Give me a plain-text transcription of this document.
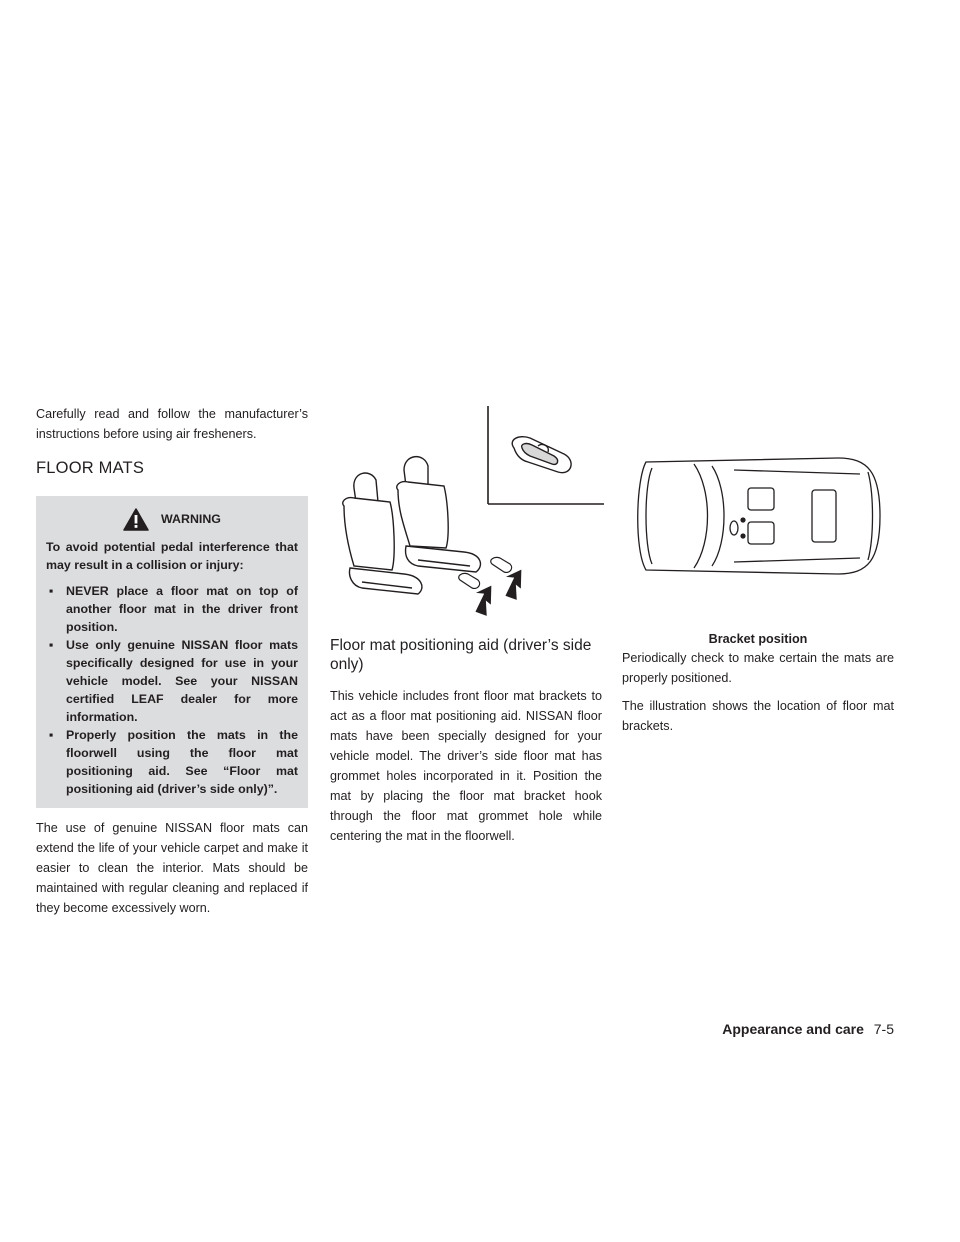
Carefully read and follow the manufacturer’s instructions before using air fresheners.

FLOOR MATS
WARNING

To avoid potential pedal interference that may result in a collision or injury:

▪ NEVER place a floor mat on top of another floor mat in the driver front position.
▪ Use only genuine NISSAN floor mats specifically designed for use in your vehicle model. See your NISSAN certified LEAF dealer for more information.
▪ Properly position the mats in the floorwell using the floor mat positioning aid. See “Floor mat positioning aid (driver’s side only)”.

The use of genuine NISSAN floor mats can extend the life of your vehicle carpet and make it easier to clean the interior. Mats should be maintained with regular cleaning and replaced if they become excessively worn.

Floor mat positioning aid (driver’s side only)

This vehicle includes front floor mat brackets to act as a floor mat positioning aid. NISSAN floor mats have been specially designed for your vehicle model. The driver’s side floor mat has grommet holes incorporated in it. Position the mat by placing the floor mat bracket hook through the floor mat grommet hole while centering the mat in the floorwell.

Bracket position

Periodically check to make certain the mats are properly positioned.

The illustration shows the location of floor mat brackets.

Appearance and care 7-5
